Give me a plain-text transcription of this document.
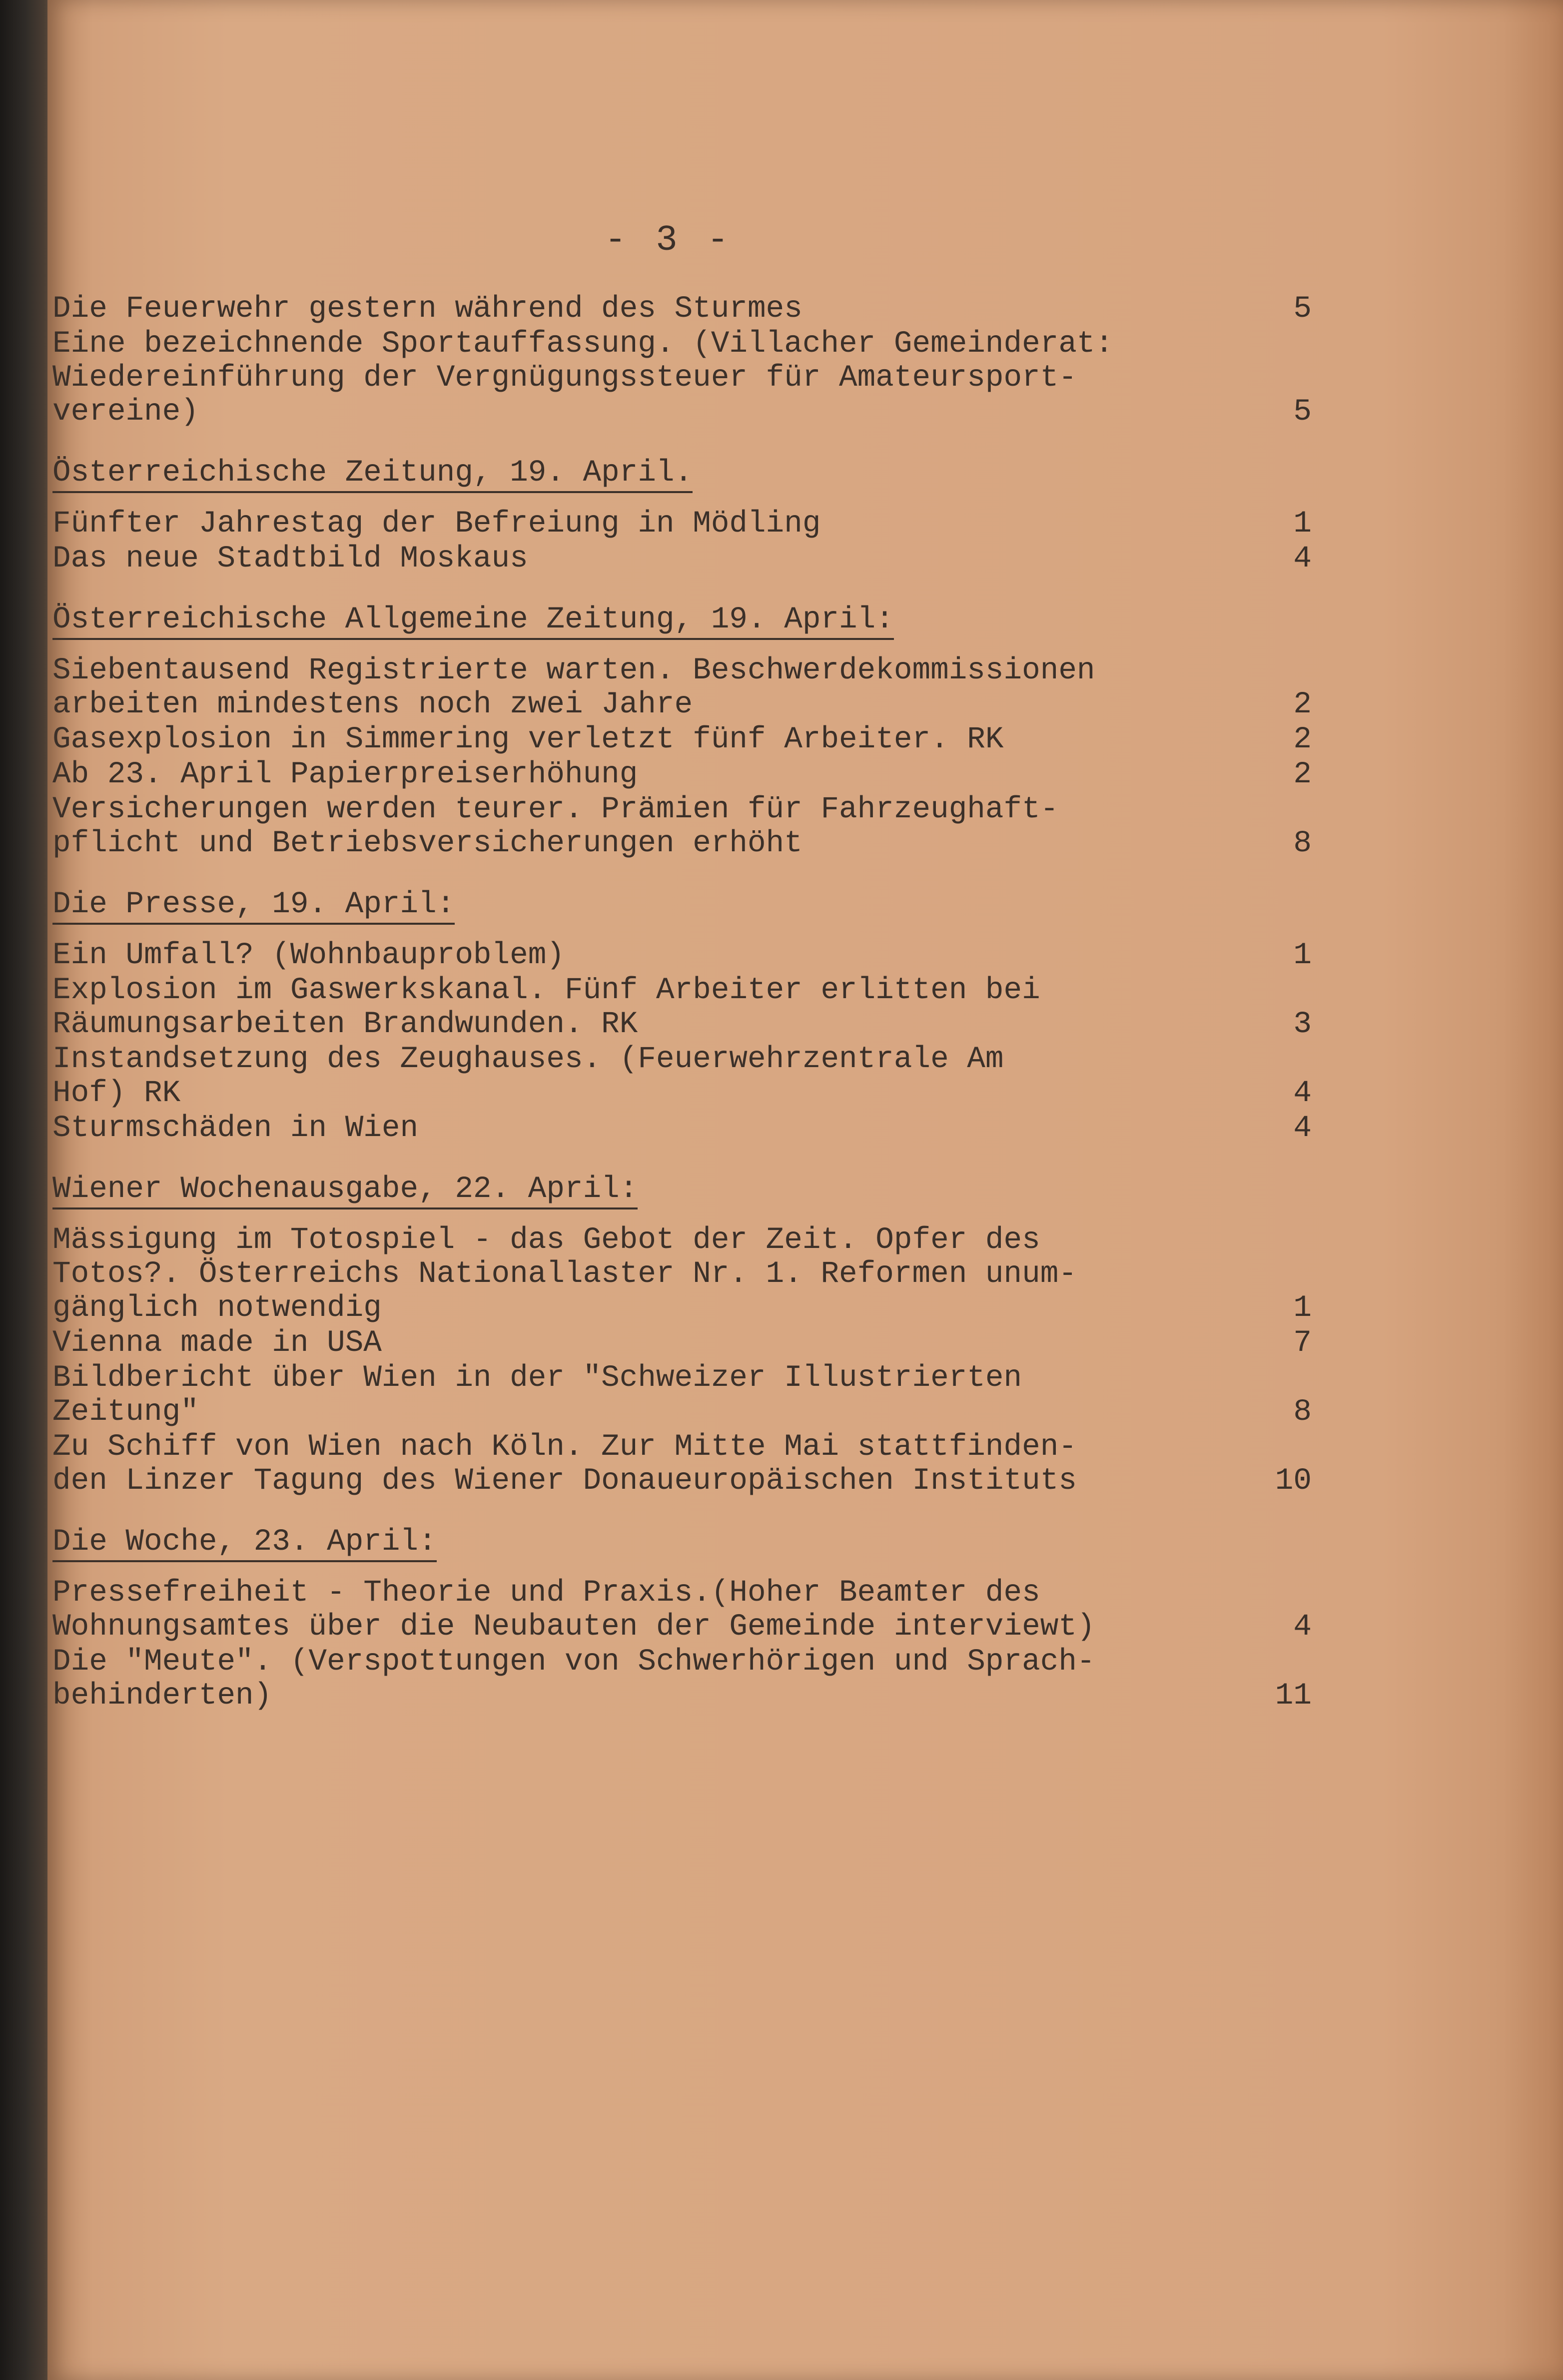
- 3 -
Die Feuerwehr gestern während des Sturmes	5
Eine bezeichnende Sportauffassung. (Villacher Gemeinderat:
Wiedereinführung der Vergnügungssteuer für Amateursport-
vereine)	5
Österreichische Zeitung, 19. April.
Fünfter Jahrestag der Befreiung in Mödling	1
Das neue Stadtbild Moskaus	4
Österreichische Allgemeine Zeitung, 19. April:
Siebentausend Registrierte warten. Beschwerdekommissionen
arbeiten mindestens noch zwei Jahre	2
Gasexplosion in Simmering verletzt fünf Arbeiter. RK	2
Ab 23. April Papierpreiserhöhung	2
Versicherungen werden teurer. Prämien für Fahrzeughaft-
pflicht und Betriebsversicherungen erhöht	8
Die Presse, 19. April:
Ein Umfall? (Wohnbauproblem)	1
Explosion im Gaswerkskanal. Fünf Arbeiter erlitten bei
Räumungsarbeiten Brandwunden. RK	3
Instandsetzung des Zeughauses. (Feuerwehrzentrale Am
Hof) RK	4
Sturmschäden in Wien	4
Wiener Wochenausgabe, 22. April:
Mässigung im Totospiel - das Gebot der Zeit. Opfer des
Totos?. Österreichs Nationallaster Nr. 1. Reformen unum-
gänglich notwendig	1
Vienna made in USA	7
Bildbericht über Wien in der "Schweizer Illustrierten
Zeitung"	8
Zu Schiff von Wien nach Köln. Zur Mitte Mai stattfinden-
den Linzer Tagung des Wiener Donaueuropäischen Instituts	10
Die Woche, 23. April:
Pressefreiheit - Theorie und Praxis.(Hoher Beamter des
Wohnungsamtes über die Neubauten der Gemeinde interviewt)	4
Die "Meute". (Verspottungen von Schwerhörigen und Sprach-
behinderten)	11
